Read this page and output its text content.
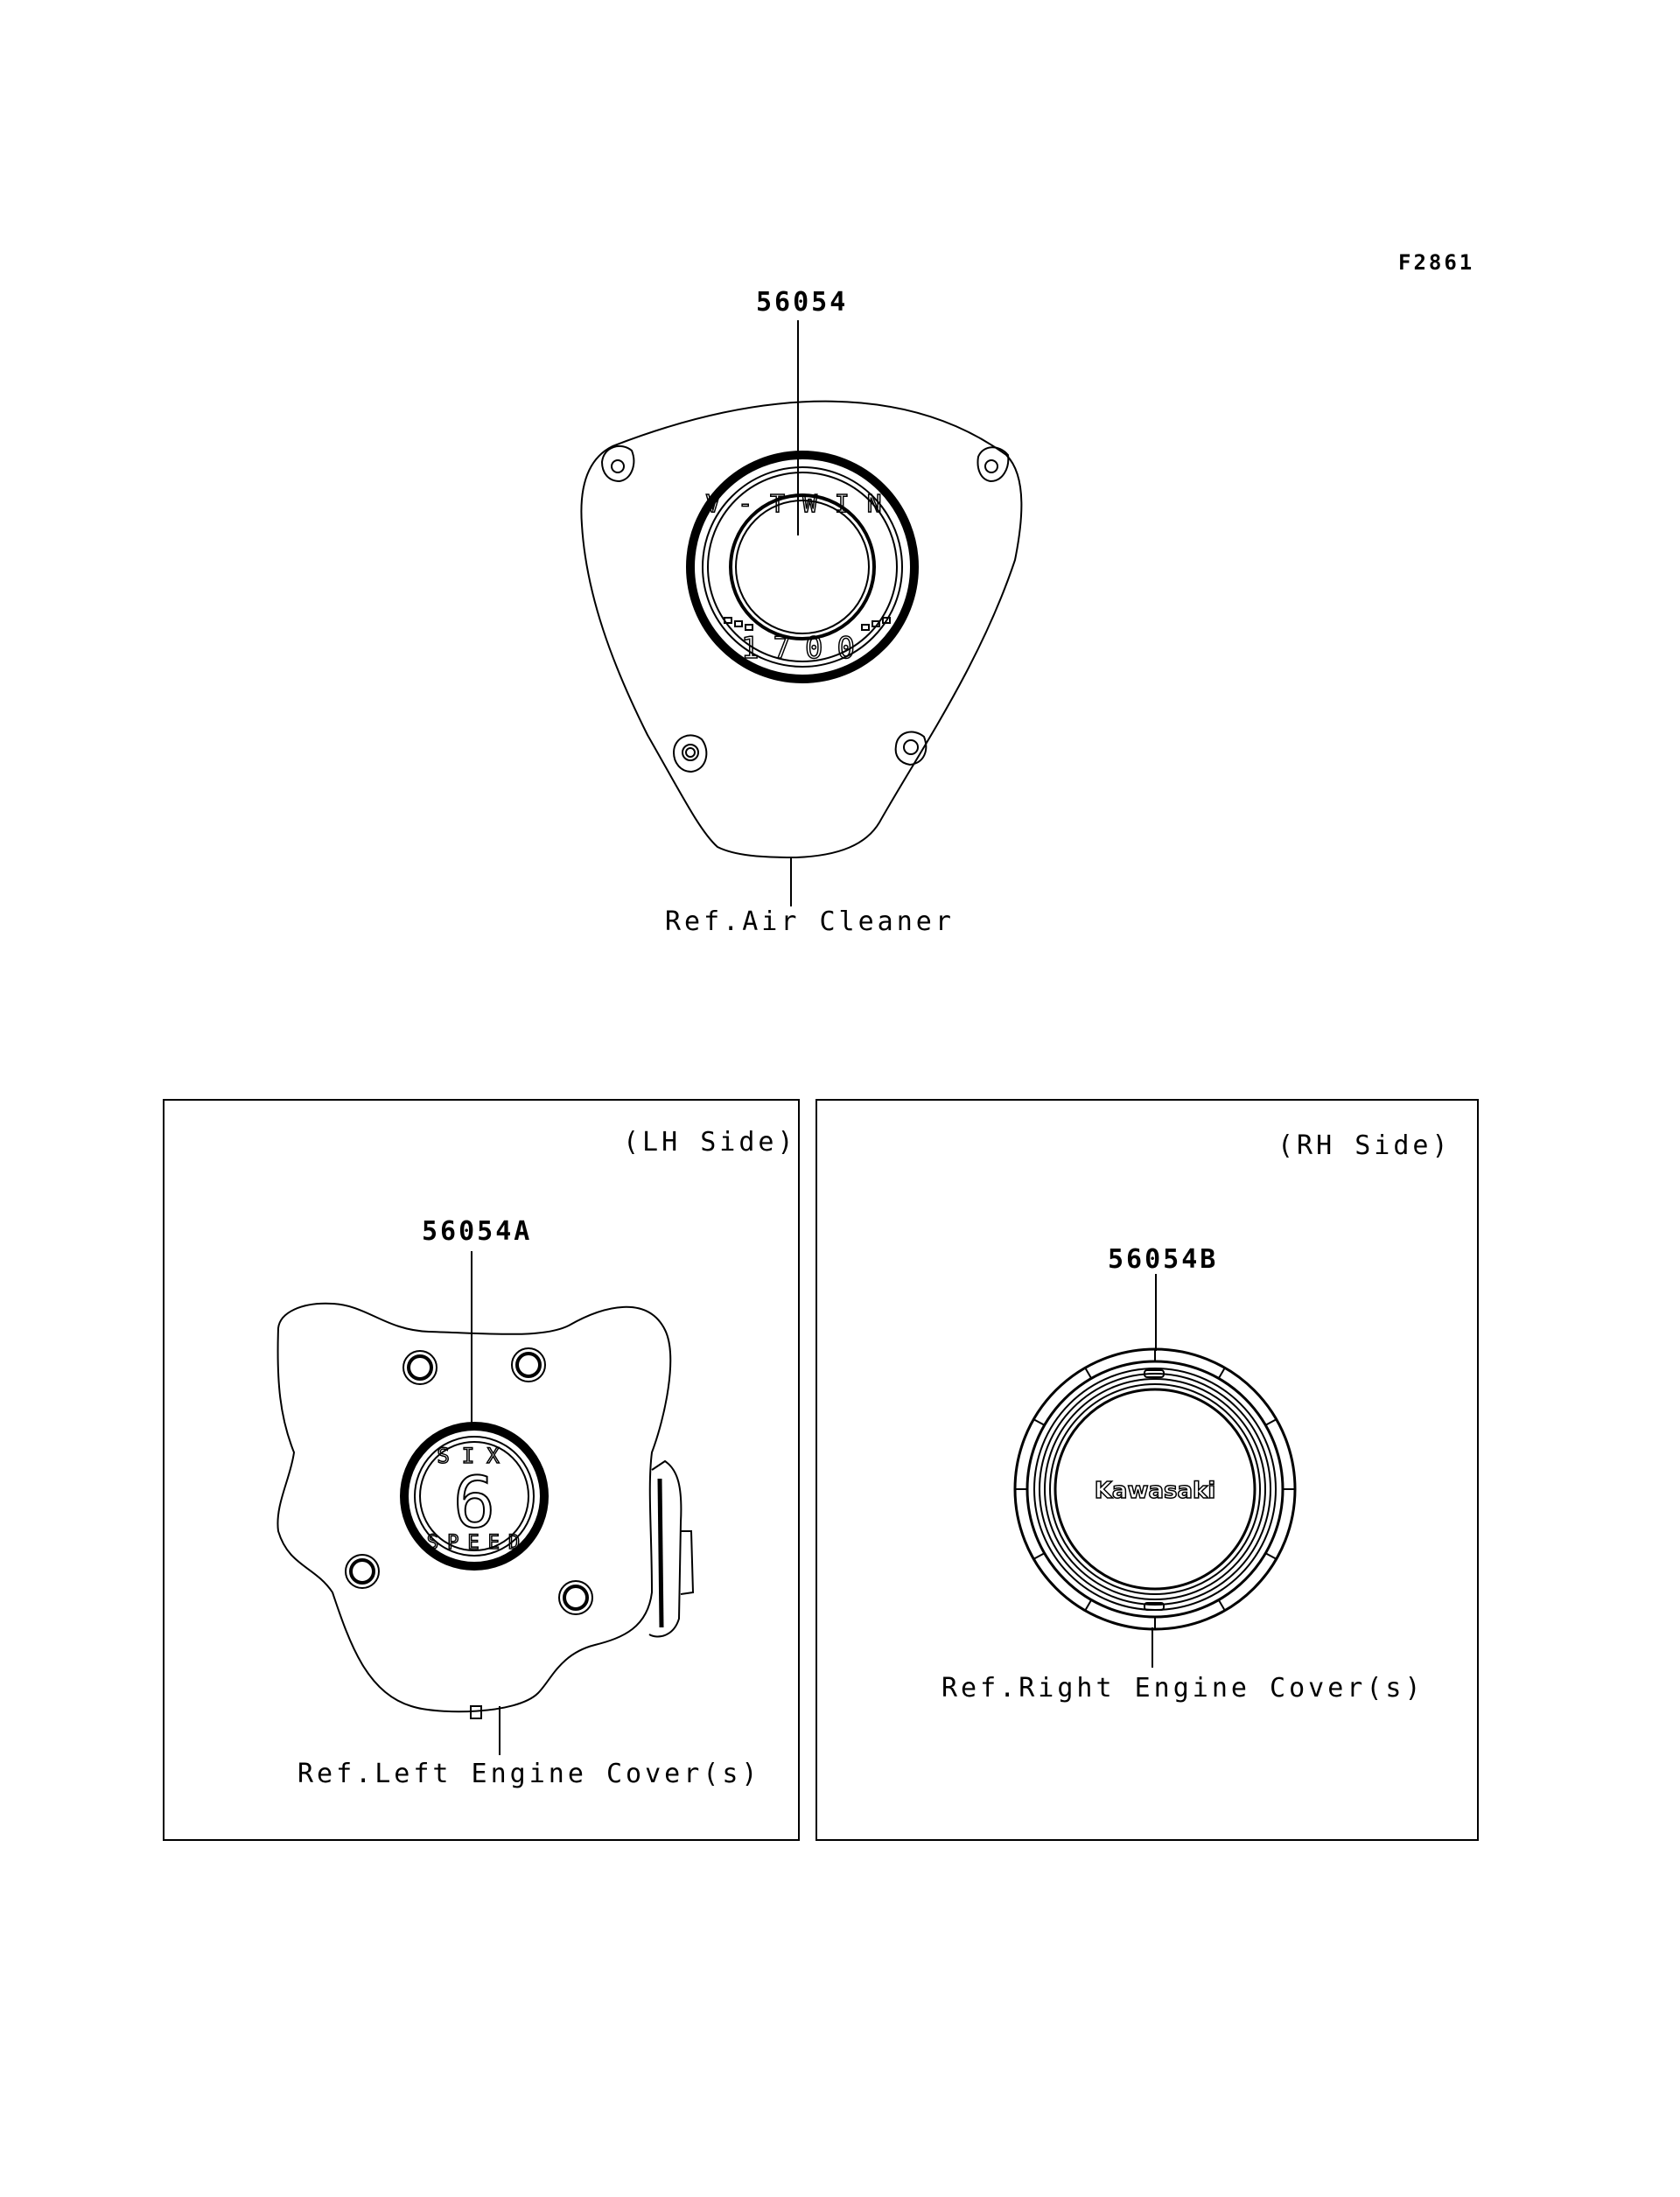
F2861
56054
Ref.Air Cleaner
(LH Side)
56054A
Ref.Left Engine Cover(s)
(RH Side)
56054B
Ref.Right Engine Cover(s)
V-TWIN
1700
SIX
6
SPEED
Kawasaki
